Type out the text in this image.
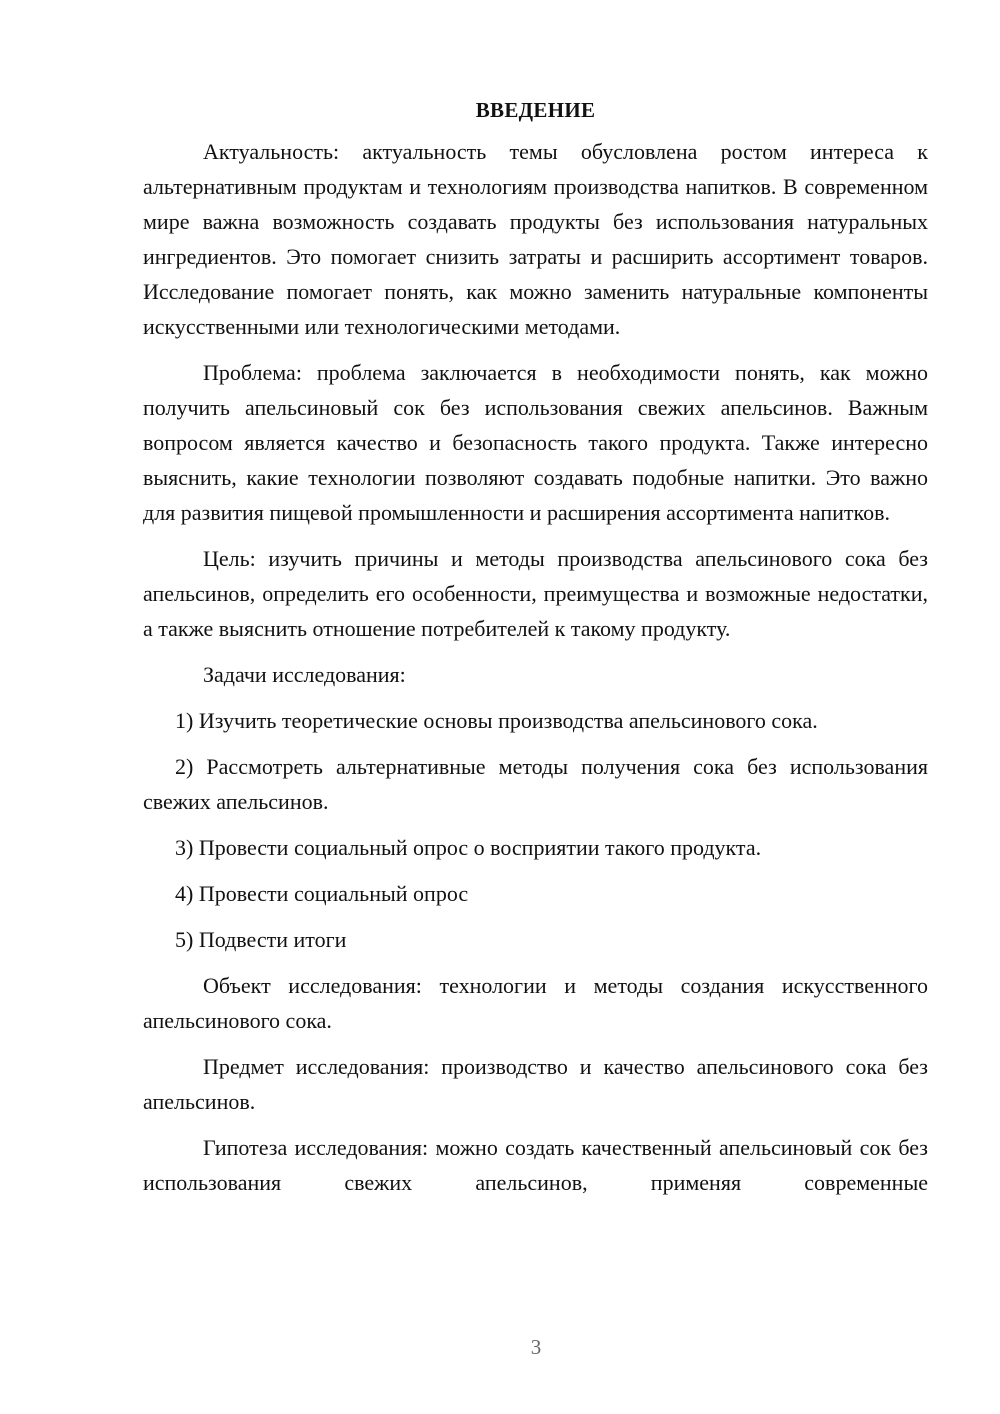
ВВЕДЕНИЕ

Актуальность: актуальность темы обусловлена ростом интереса к альтернативным продуктам и технологиям производства напитков. В современном мире важна возможность создавать продукты без использования натуральных ингредиентов. Это помогает снизить затраты и расширить ассортимент товаров. Исследование помогает понять, как можно заменить натуральные компоненты искусственными или технологическими методами.

Проблема: проблема заключается в необходимости понять, как можно получить апельсиновый сок без использования свежих апельсинов. Важным вопросом является качество и безопасность такого продукта. Также интересно выяснить, какие технологии позволяют создавать подобные напитки. Это важно для развития пищевой промышленности и расширения ассортимента напитков.

Цель: изучить причины и методы производства апельсинового сока без апельсинов, определить его особенности, преимущества и возможные недостатки, а также выяснить отношение потребителей к такому продукту.

Задачи исследования:

1) Изучить теоретические основы производства апельсинового сока.

2) Рассмотреть альтернативные методы получения сока без использования свежих апельсинов.

3) Провести социальный опрос о восприятии такого продукта.

4) Провести социальный опрос

5) Подвести итоги

Объект исследования: технологии и методы создания искусственного апельсинового сока.

Предмет исследования: производство и качество апельсинового сока без апельсинов.

Гипотеза исследования: можно создать качественный апельсиновый сок без использования свежих апельсинов, применяя современные

3
